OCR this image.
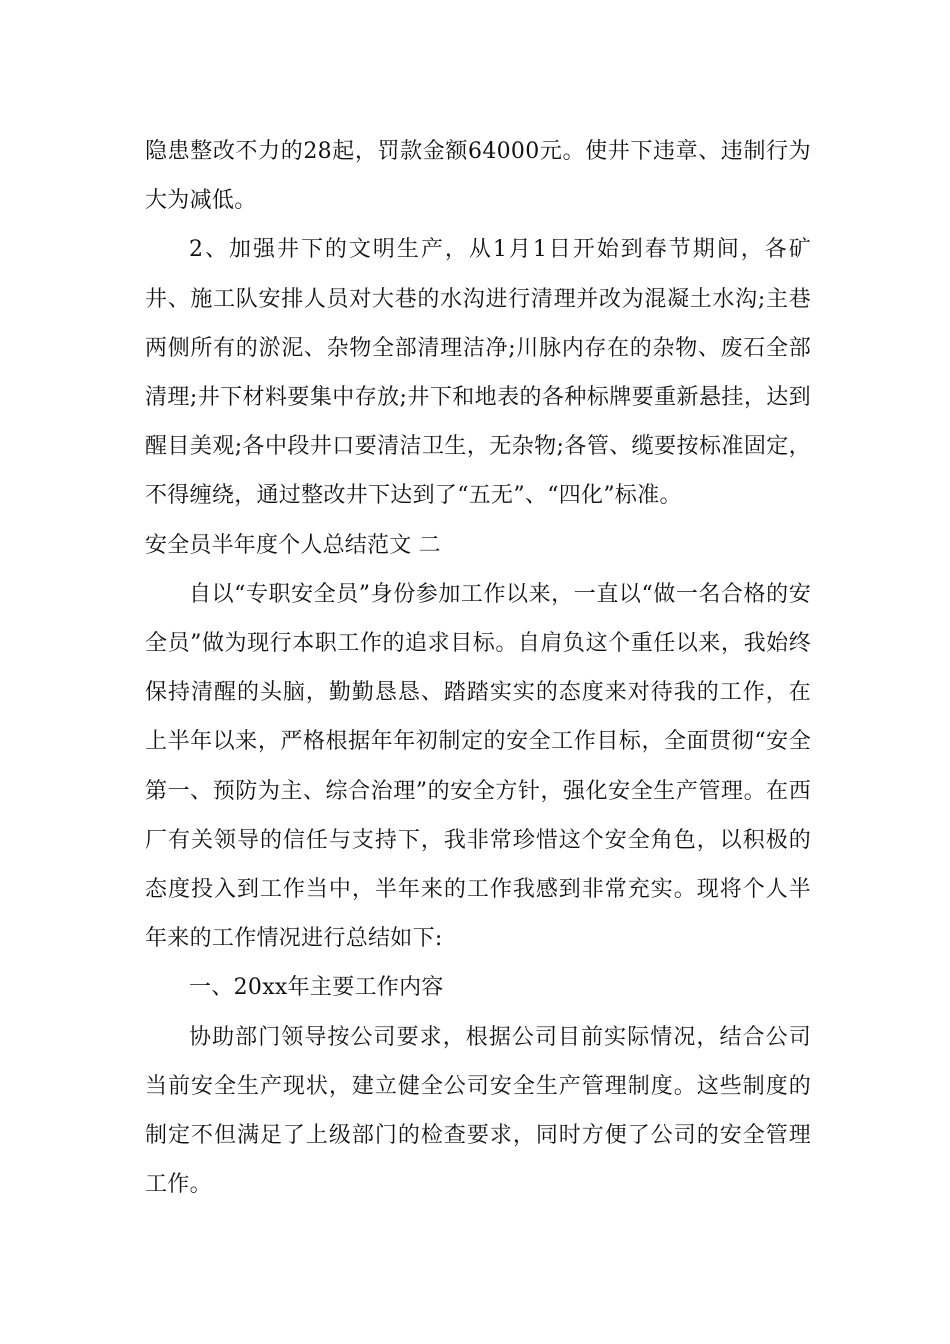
隐患整改不力的28起，罚款金额64000元。使井下违章、违制行为大为减低。

2、加强井下的文明生产，从1月1日开始到春节期间，各矿井、施工队安排人员对大巷的水沟进行清理并改为混凝土水沟;主巷两侧所有的淤泥、杂物全部清理洁净;川脉内存在的杂物、废石全部清理;井下材料要集中存放;井下和地表的各种标牌要重新悬挂，达到醒目美观;各中段井口要清洁卫生，无杂物;各管、缆要按标准固定，不得缠绕，通过整改井下达到了“五无”、“四化”标准。

安全员半年度个人总结范文 二

自以“专职安全员”身份参加工作以来，一直以“做一名合格的安全员”做为现行本职工作的追求目标。自肩负这个重任以来，我始终保持清醒的头脑，勤勤恳恳、踏踏实实的态度来对待我的工作，在上半年以来，严格根据年年初制定的安全工作目标，全面贯彻“安全第一、预防为主、综合治理”的安全方针，强化安全生产管理。在西厂有关领导的信任与支持下，我非常珍惜这个安全角色，以积极的态度投入到工作当中，半年来的工作我感到非常充实。现将个人半年来的工作情况进行总结如下:

一、20xx年主要工作内容

协助部门领导按公司要求，根据公司目前实际情况，结合公司当前安全生产现状，建立健全公司安全生产管理制度。这些制度的制定不但满足了上级部门的检查要求，同时方便了公司的安全管理工作。
